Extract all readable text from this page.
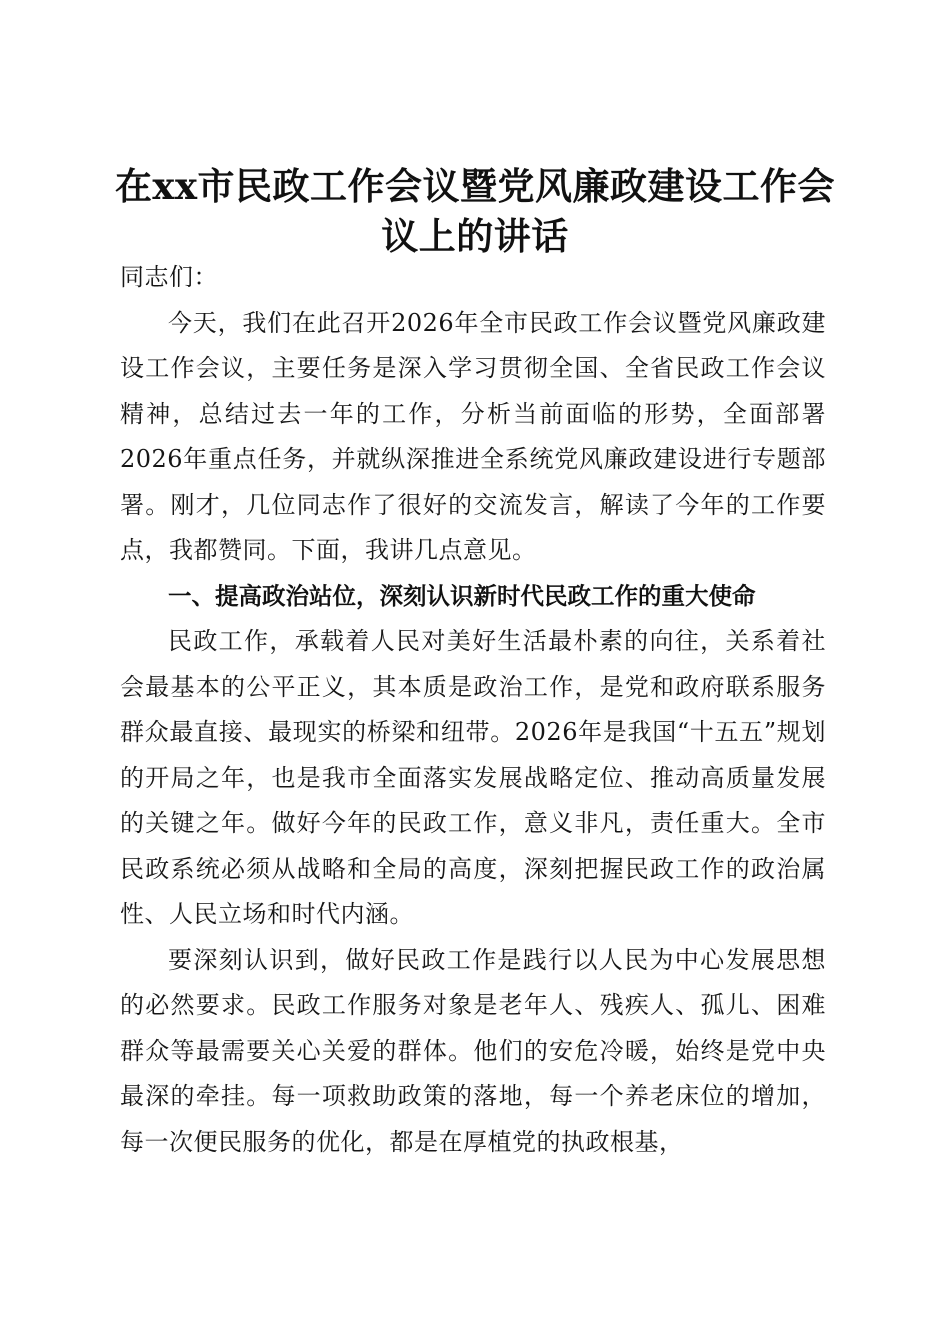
在xx市民政工作会议暨党风廉政建设工作会
议上的讲话

同志们：

今天，我们在此召开2026年全市民政工作会议暨党风廉政建设工作会议，主要任务是深入学习贯彻全国、全省民政工作会议精神，总结过去一年的工作，分析当前面临的形势，全面部署2026年重点任务，并就纵深推进全系统党风廉政建设进行专题部署。刚才，几位同志作了很好的交流发言，解读了今年的工作要点，我都赞同。下面，我讲几点意见。

一、提高政治站位，深刻认识新时代民政工作的重大使命

民政工作，承载着人民对美好生活最朴素的向往，关系着社会最基本的公平正义，其本质是政治工作，是党和政府联系服务群众最直接、最现实的桥梁和纽带。2026年是我国“十五五”规划的开局之年，也是我市全面落实发展战略定位、推动高质量发展的关键之年。做好今年的民政工作，意义非凡，责任重大。全市民政系统必须从战略和全局的高度，深刻把握民政工作的政治属性、人民立场和时代内涵。

要深刻认识到，做好民政工作是践行以人民为中心发展思想的必然要求。民政工作服务对象是老年人、残疾人、孤儿、困难群众等最需要关心关爱的群体。他们的安危冷暖，始终是党中央最深的牵挂。每一项救助政策的落地，每一个养老床位的增加，每一次便民服务的优化，都是在厚植党的执政根基，
